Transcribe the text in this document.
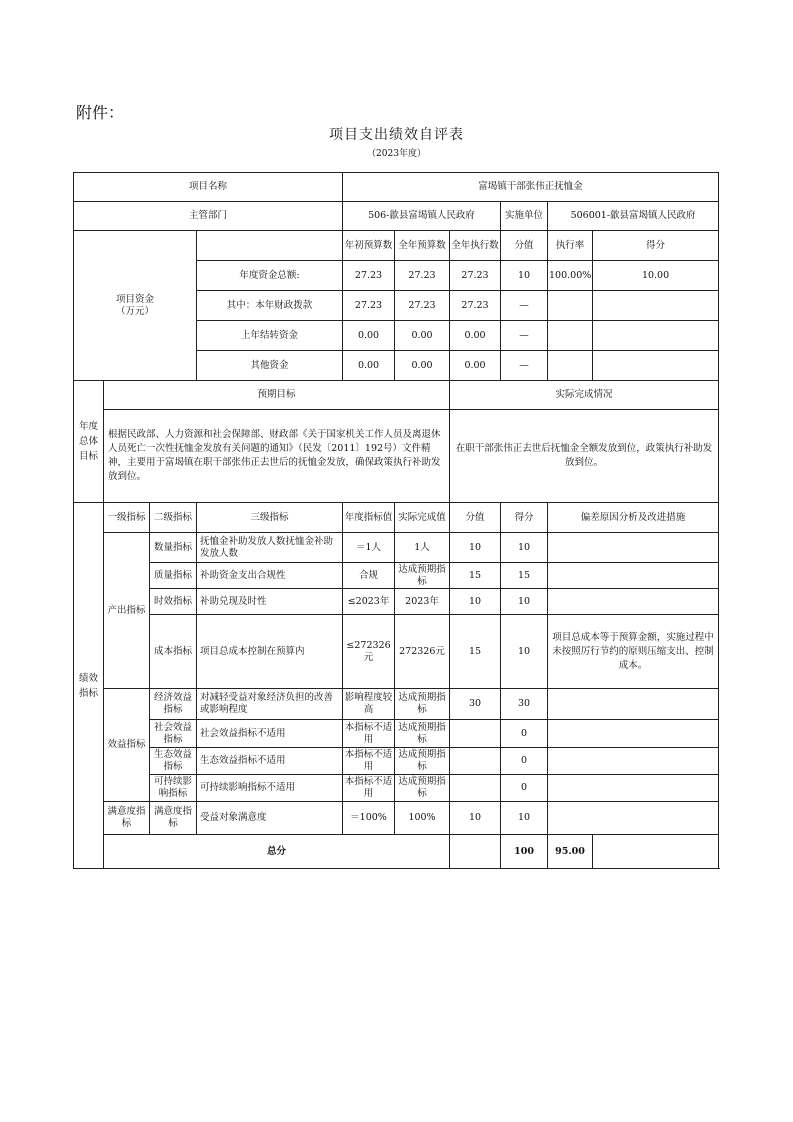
附件：
项目支出绩效自评表
（2023年度）
项目名称				富堨镇干部张伟正抚恤金					
主管部门				506-歙县富堨镇人民政府			实施单位	506001-歙县富堨镇人民政府	

项目资金
（万元）				年初预算数	全年预算数	全年执行数	分值	执行率	得分
			年度资金总额:	27.23	27.23	27.23	10	100.00%	10.00
			其中：本年财政拨款	27.23	27.23	27.23	—		
			上年结转资金	0.00	0.00	0.00	—		
			其他资金	0.00	0.00	0.00	—		
年度总体目标	预期目标					实际完成情况			
	根据民政部、人力资源和社会保障部、财政部《关于国家机关工作人员及离退休人员死亡一次性抚恤金发放有关问题的通知》（民发〔2011〕192号）文件精神，主要用于富堨镇在职干部张伟正去世后的抚恤金发放，确保政策执行补助发放到位。					在职干部张伟正去世后抚恤金全额发放到位，政策执行补助发放到位。			
绩效指标	一级指标	二级指标	三级指标	年度指标值	实际完成值	分值	得分	偏差原因分析及改进措施	
	产出指标	数量指标	抚恤金补助发放人数抚恤金补助发放人数	＝1人	1人	10	10		
		质量指标	补助资金支出合规性	合规	达成预期指标	15	15		
		时效指标	补助兑现及时性	≤2023年	2023年	10	10		
		成本指标	项目总成本控制在预算内	≤272326元	272326元	15	10	项目总成本等于预算金额，实施过程中未按照厉行节约的原则压缩支出、控制成本。	
	效益指标	经济效益指标	对减轻受益对象经济负担的改善或影响程度	影响程度较高	达成预期指标	30	30		
		社会效益指标	社会效益指标不适用	本指标不适用	达成预期指标		0		
		生态效益指标	生态效益指标不适用	本指标不适用	达成预期指标		0		
		可持续影响指标	可持续影响指标不适用	本指标不适用	达成预期指标		0		
	满意度指标	满意度指标	受益对象满意度	＝100%	100%	10	10		
	总分						100	95.00	
